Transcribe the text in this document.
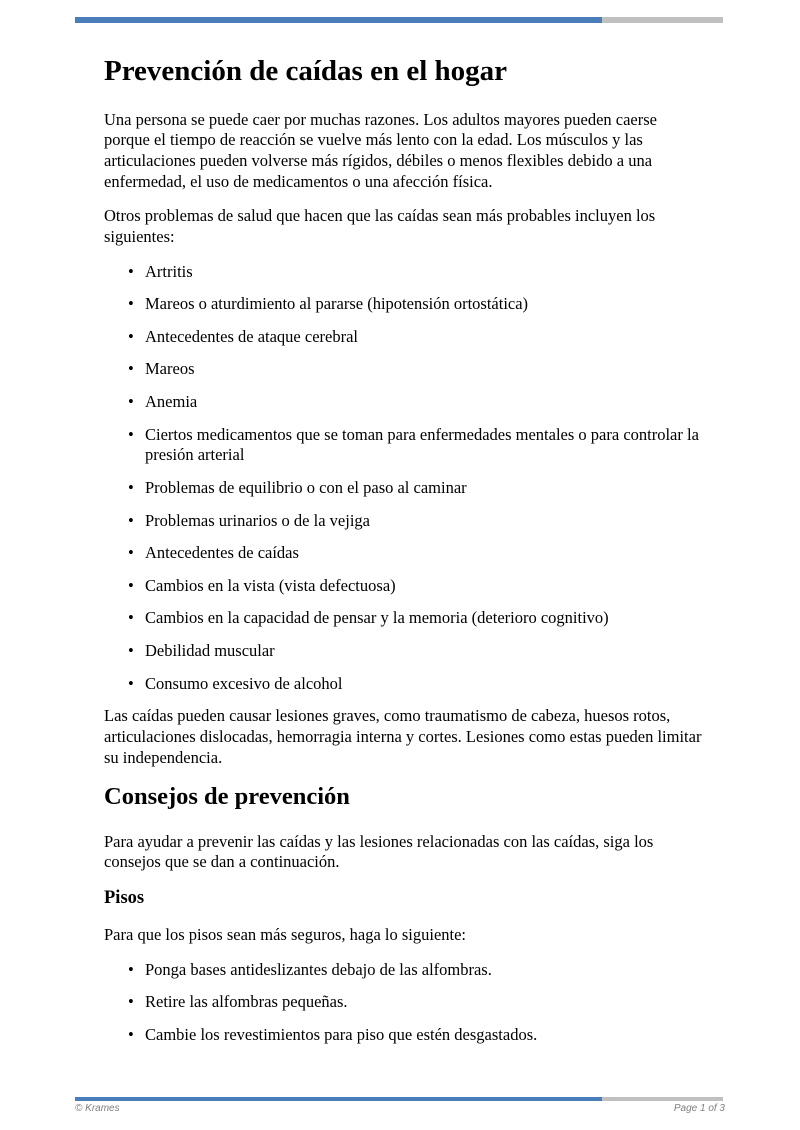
Prevención de caídas en el hogar

Una persona se puede caer por muchas razones. Los adultos mayores pueden caerse porque el tiempo de reacción se vuelve más lento con la edad. Los músculos y las articulaciones pueden volverse más rígidos, débiles o menos flexibles debido a una enfermedad, el uso de medicamentos o una afección física.

Otros problemas de salud que hacen que las caídas sean más probables incluyen los siguientes:

• Artritis
• Mareos o aturdimiento al pararse (hipotensión ortostática)
• Antecedentes de ataque cerebral
• Mareos
• Anemia
• Ciertos medicamentos que se toman para enfermedades mentales o para controlar la presión arterial
• Problemas de equilibrio o con el paso al caminar
• Problemas urinarios o de la vejiga
• Antecedentes de caídas
• Cambios en la vista (vista defectuosa)
• Cambios en la capacidad de pensar y la memoria (deterioro cognitivo)
• Debilidad muscular
• Consumo excesivo de alcohol

Las caídas pueden causar lesiones graves, como traumatismo de cabeza, huesos rotos, articulaciones dislocadas, hemorragia interna y cortes. Lesiones como estas pueden limitar su independencia.

Consejos de prevención

Para ayudar a prevenir las caídas y las lesiones relacionadas con las caídas, siga los consejos que se dan a continuación.

Pisos

Para que los pisos sean más seguros, haga lo siguiente:

• Ponga bases antideslizantes debajo de las alfombras.
• Retire las alfombras pequeñas.
• Cambie los revestimientos para piso que estén desgastados.
© Krames	Page 1 of 3
